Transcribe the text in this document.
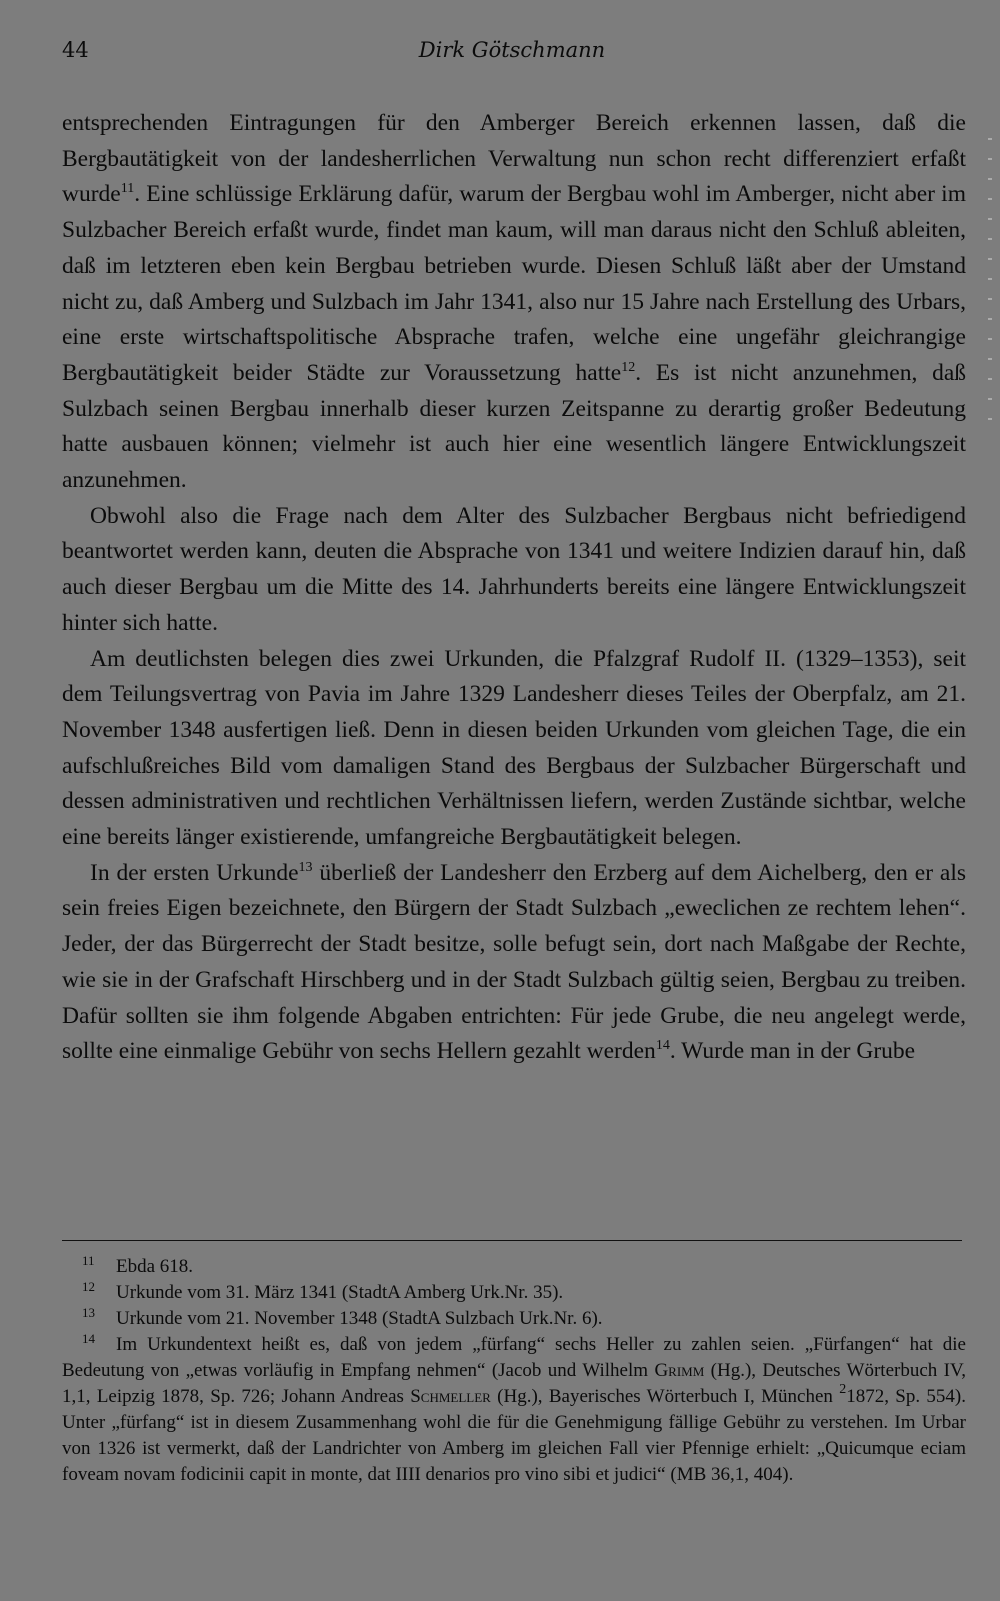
44	Dirk Götschmann

entsprechenden Eintragungen für den Amberger Bereich erkennen lassen, daß die Bergbautätigkeit von der landesherrlichen Verwaltung nun schon recht differenziert erfaßt wurde$^{11}$. Eine schlüssige Erklärung dafür, warum der Bergbau wohl im Amberger, nicht aber im Sulzbacher Bereich erfaßt wurde, findet man kaum, will man daraus nicht den Schluß ableiten, daß im letzteren eben kein Bergbau betrieben wurde. Diesen Schluß läßt aber der Umstand nicht zu, daß Amberg und Sulzbach im Jahr 1341, also nur 15 Jahre nach Erstellung des Urbars, eine erste wirtschaftspolitische Absprache trafen, welche eine ungefähr gleichrangige Bergbautätigkeit beider Städte zur Voraussetzung hatte$^{12}$. Es ist nicht anzunehmen, daß Sulzbach seinen Bergbau innerhalb dieser kurzen Zeitspanne zu derartig großer Bedeutung hatte ausbauen können; vielmehr ist auch hier eine wesentlich längere Entwicklungszeit anzunehmen.

Obwohl also die Frage nach dem Alter des Sulzbacher Bergbaus nicht befriedigend beantwortet werden kann, deuten die Absprache von 1341 und weitere Indizien darauf hin, daß auch dieser Bergbau um die Mitte des 14. Jahrhunderts bereits eine längere Entwicklungszeit hinter sich hatte.

Am deutlichsten belegen dies zwei Urkunden, die Pfalzgraf Rudolf II. (1329–1353), seit dem Teilungsvertrag von Pavia im Jahre 1329 Landesherr dieses Teiles der Oberpfalz, am 21. November 1348 ausfertigen ließ. Denn in diesen beiden Urkunden vom gleichen Tage, die ein aufschlußreiches Bild vom damaligen Stand des Bergbaus der Sulzbacher Bürgerschaft und dessen administrativen und rechtlichen Verhältnissen liefern, werden Zustände sichtbar, welche eine bereits länger existierende, umfangreiche Bergbautätigkeit belegen.

In der ersten Urkunde$^{13}$ überließ der Landesherr den Erzberg auf dem Aichelberg, den er als sein freies Eigen bezeichnete, den Bürgern der Stadt Sulzbach „eweclichen ze rechtem lehen“. Jeder, der das Bürgerrecht der Stadt besitze, solle befugt sein, dort nach Maßgabe der Rechte, wie sie in der Grafschaft Hirschberg und in der Stadt Sulzbach gültig seien, Bergbau zu treiben. Dafür sollten sie ihm folgende Abgaben entrichten: Für jede Grube, die neu angelegt werde, sollte eine einmalige Gebühr von sechs Hellern gezahlt werden$^{14}$. Wurde man in der Grube

$^{11}$ Ebda 618.

$^{12}$ Urkunde vom 31. März 1341 (StadtA Amberg Urk.Nr. 35).

$^{13}$ Urkunde vom 21. November 1348 (StadtA Sulzbach Urk.Nr. 6).

$^{14}$ Im Urkundentext heißt es, daß von jedem „fürfang“ sechs Heller zu zahlen seien. „Fürfangen“ hat die Bedeutung von „etwas vorläufig in Empfang nehmen“ (Jacob und Wilhelm Grimm (Hg.), Deutsches Wörterbuch IV, 1,1, Leipzig 1878, Sp. 726; Johann Andreas Schmeller (Hg.), Bayerisches Wörterbuch I, München $^2$1872, Sp. 554). Unter „fürfang“ ist in diesem Zusammenhang wohl die für die Genehmigung fällige Gebühr zu verstehen. Im Urbar von 1326 ist vermerkt, daß der Landrichter von Amberg im gleichen Fall vier Pfennige erhielt: „Quicumque eciam foveam novam fodicinii capit in monte, dat IIII denarios pro vino sibi et judici“ (MB 36,1, 404).
